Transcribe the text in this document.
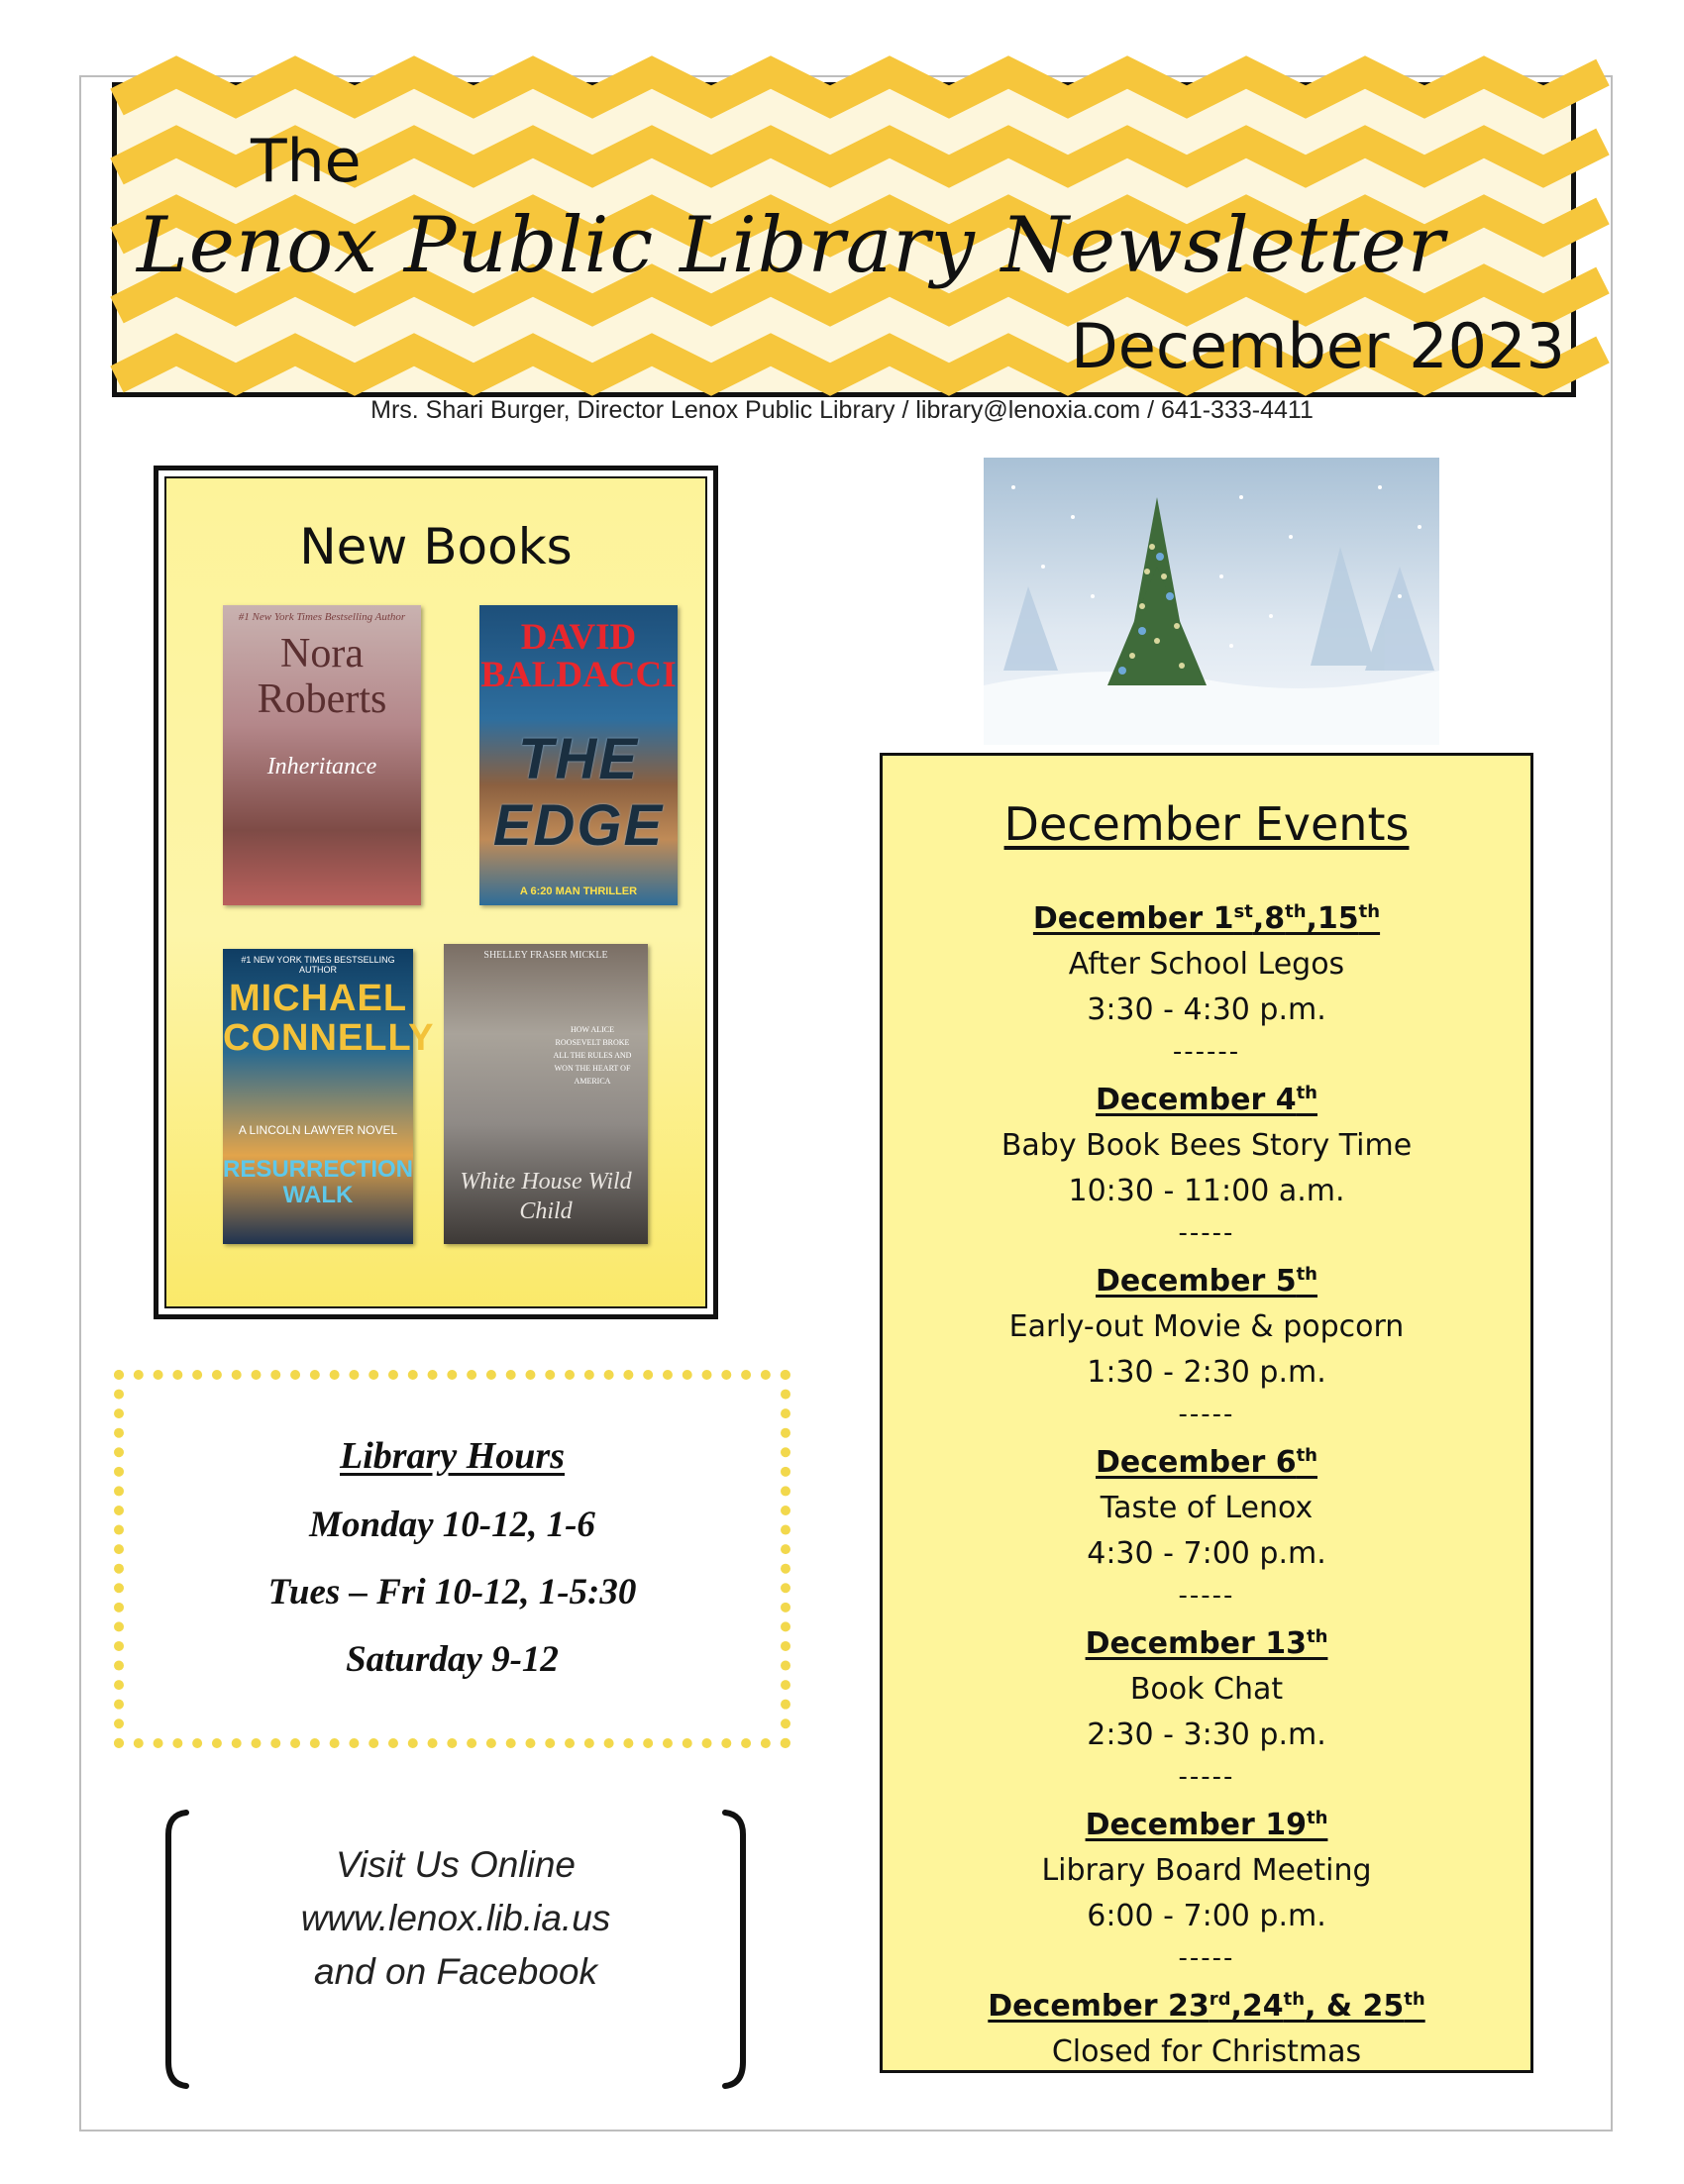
The
Lenox Public Library Newsletter
December 2023
Mrs. Shari Burger, Director Lenox Public Library / library@lenoxia.com / 641-333-4411
New Books
#1 New York Times Bestselling Author
Nora Roberts
Inheritance
DAVID BALDACCI
THE EDGE
A 6:20 MAN THRILLER
#1 NEW YORK TIMES BESTSELLING AUTHOR
MICHAEL CONNELLY
A LINCOLN LAWYER NOVEL
RESURRECTION WALK
SHELLEY FRASER MICKLE
HOW ALICE ROOSEVELT BROKE ALL THE RULES AND WON THE HEART OF AMERICA
White House Wild Child
December Events
December 1st,8th,15th
After School Legos
3:30 - 4:30 p.m.
------
December 4th
Baby Book Bees Story Time
10:30 - 11:00 a.m.
-----
December 5th
Early-out Movie & popcorn
1:30 - 2:30 p.m.
-----
December 6th
Taste of Lenox
4:30 - 7:00 p.m.
-----
December 13th
Book Chat
2:30 - 3:30 p.m.
-----
December 19th
Library Board Meeting
6:00 - 7:00 p.m.
-----
December 23rd,24th, & 25th
Closed for Christmas
Library Hours
Monday 10-12, 1-6
Tues – Fri 10-12, 1-5:30
Saturday 9-12
Visit Us Online
www.lenox.lib.ia.us
and on Facebook
